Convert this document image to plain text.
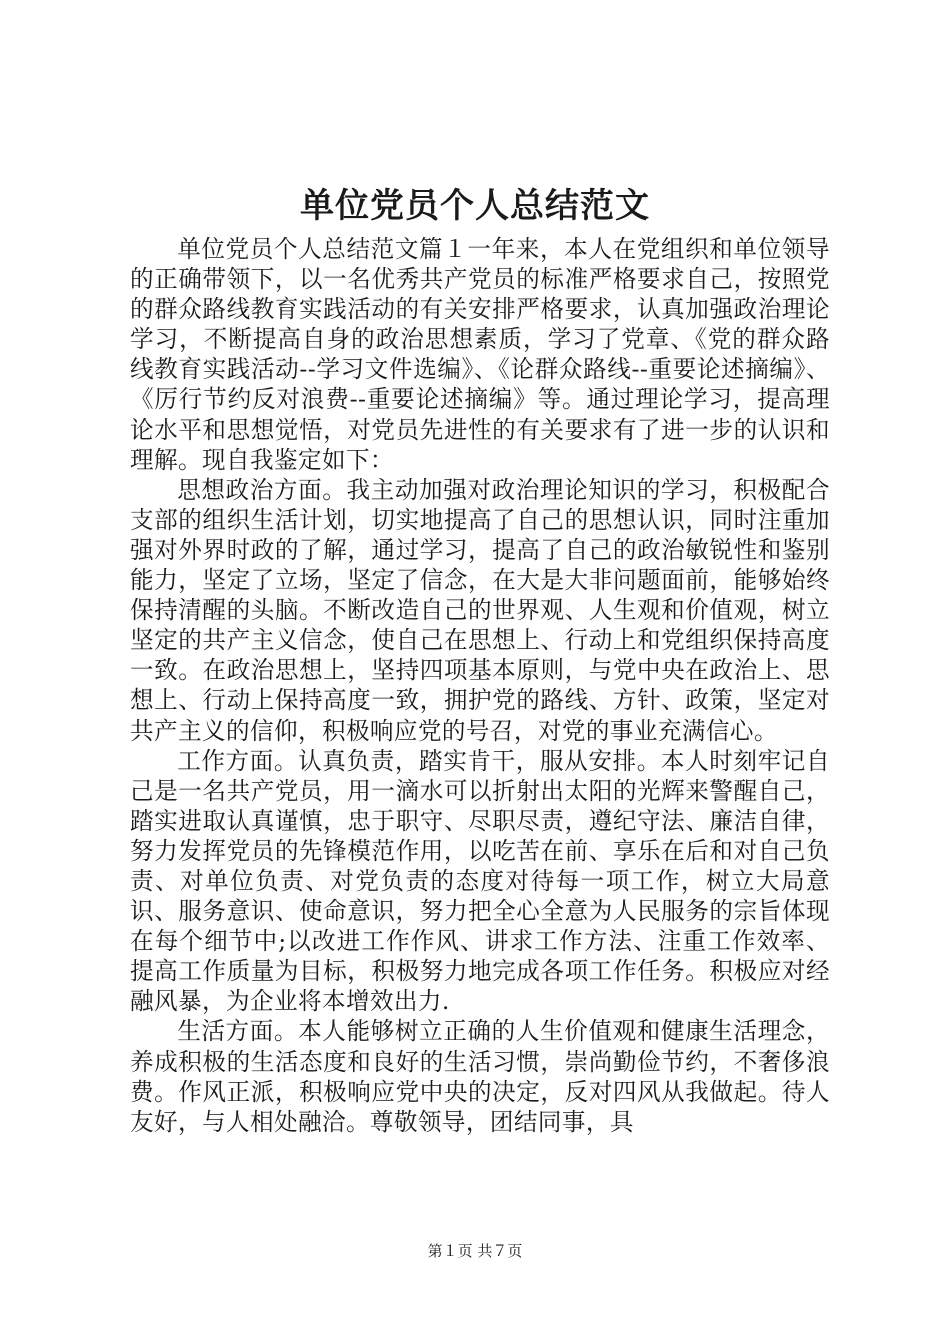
单位党员个人总结范文

单位党员个人总结范文篇１一年来，本人在党组织和单位领导的正确带领下，以一名优秀共产党员的标准严格要求自己，按照党的群众路线教育实践活动的有关安排严格要求，认真加强政治理论学习，不断提高自身的政治思想素质，学习了党章、《党的群众路线教育实践活动--学习文件选编》、《论群众路线--重要论述摘编》、《厉行节约反对浪费--重要论述摘编》等。通过理论学习，提高理论水平和思想觉悟，对党员先进性的有关要求有了进一步的认识和理解。现自我鉴定如下：

思想政治方面。我主动加强对政治理论知识的学习，积极配合支部的组织生活计划，切实地提高了自己的思想认识，同时注重加强对外界时政的了解，通过学习，提高了自己的政治敏锐性和鉴别能力，坚定了立场，坚定了信念，在大是大非问题面前，能够始终保持清醒的头脑。不断改造自己的世界观、人生观和价值观，树立坚定的共产主义信念，使自己在思想上、行动上和党组织保持高度一致。在政治思想上，坚持四项基本原则，与党中央在政治上、思想上、行动上保持高度一致，拥护党的路线、方针、政策，坚定对共产主义的信仰，积极响应党的号召，对党的事业充满信心。

工作方面。认真负责，踏实肯干，服从安排。本人时刻牢记自己是一名共产党员，用一滴水可以折射出太阳的光辉来警醒自己，踏实进取认真谨慎，忠于职守、尽职尽责，遵纪守法、廉洁自律，努力发挥党员的先锋模范作用，以吃苦在前、享乐在后和对自己负责、对单位负责、对党负责的态度对待每一项工作，树立大局意识、服务意识、使命意识，努力把全心全意为人民服务的宗旨体现在每个细节中;以改进工作作风、讲求工作方法、注重工作效率、提高工作质量为目标，积极努力地完成各项工作任务。积极应对经融风暴，为企业将本增效出力.

生活方面。本人能够树立正确的人生价值观和健康生活理念，养成积极的生活态度和良好的生活习惯，崇尚勤俭节约，不奢侈浪费。作风正派，积极响应党中央的决定，反对四风从我做起。待人友好，与人相处融洽。尊敬领导，团结同事，具

第１页 共７页
